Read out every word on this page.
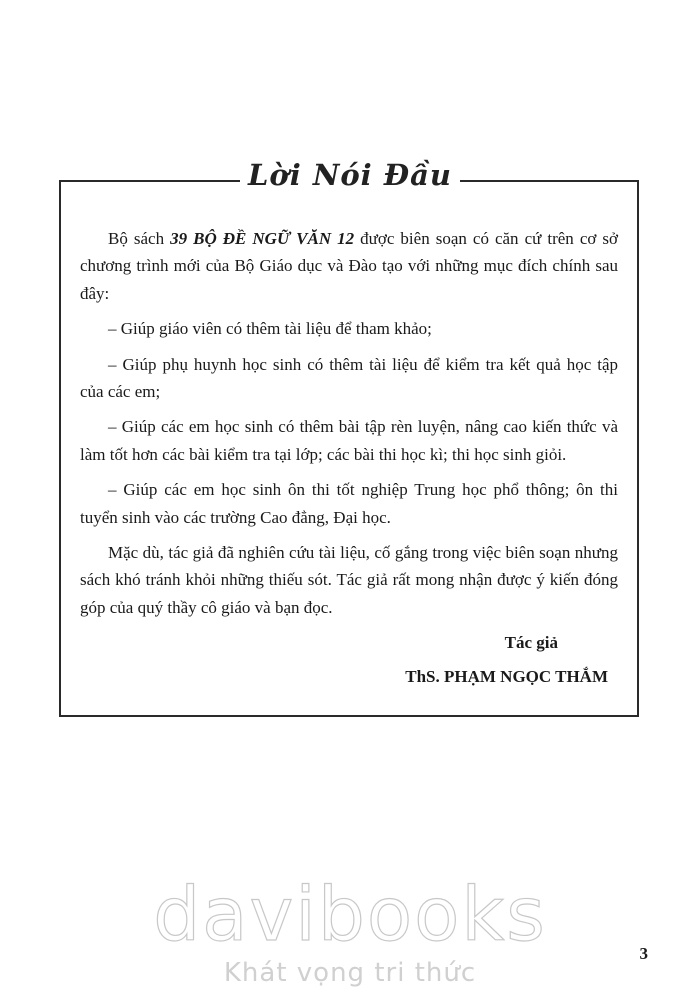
Lời Nói Đầu

Bộ sách 39 BỘ ĐỀ NGỮ VĂN 12 được biên soạn có căn cứ trên cơ sở chương trình mới của Bộ Giáo dục và Đào tạo với những mục đích chính sau đây:

– Giúp giáo viên có thêm tài liệu để tham khảo;

– Giúp phụ huynh học sinh có thêm tài liệu để kiểm tra kết quả học tập của các em;

– Giúp các em học sinh có thêm bài tập rèn luyện, nâng cao kiến thức và làm tốt hơn các bài kiểm tra tại lớp; các bài thi học kì; thi học sinh giỏi.

– Giúp các em học sinh ôn thi tốt nghiệp Trung học phổ thông; ôn thi tuyển sinh vào các trường Cao đẳng, Đại học.

Mặc dù, tác giả đã nghiên cứu tài liệu, cố gắng trong việc biên soạn nhưng sách khó tránh khỏi những thiếu sót. Tác giả rất mong nhận được ý kiến đóng góp của quý thầy cô giáo và bạn đọc.

Tác giả
ThS. PHẠM NGỌC THẮM
3
davibooks
Khát vọng tri thức
